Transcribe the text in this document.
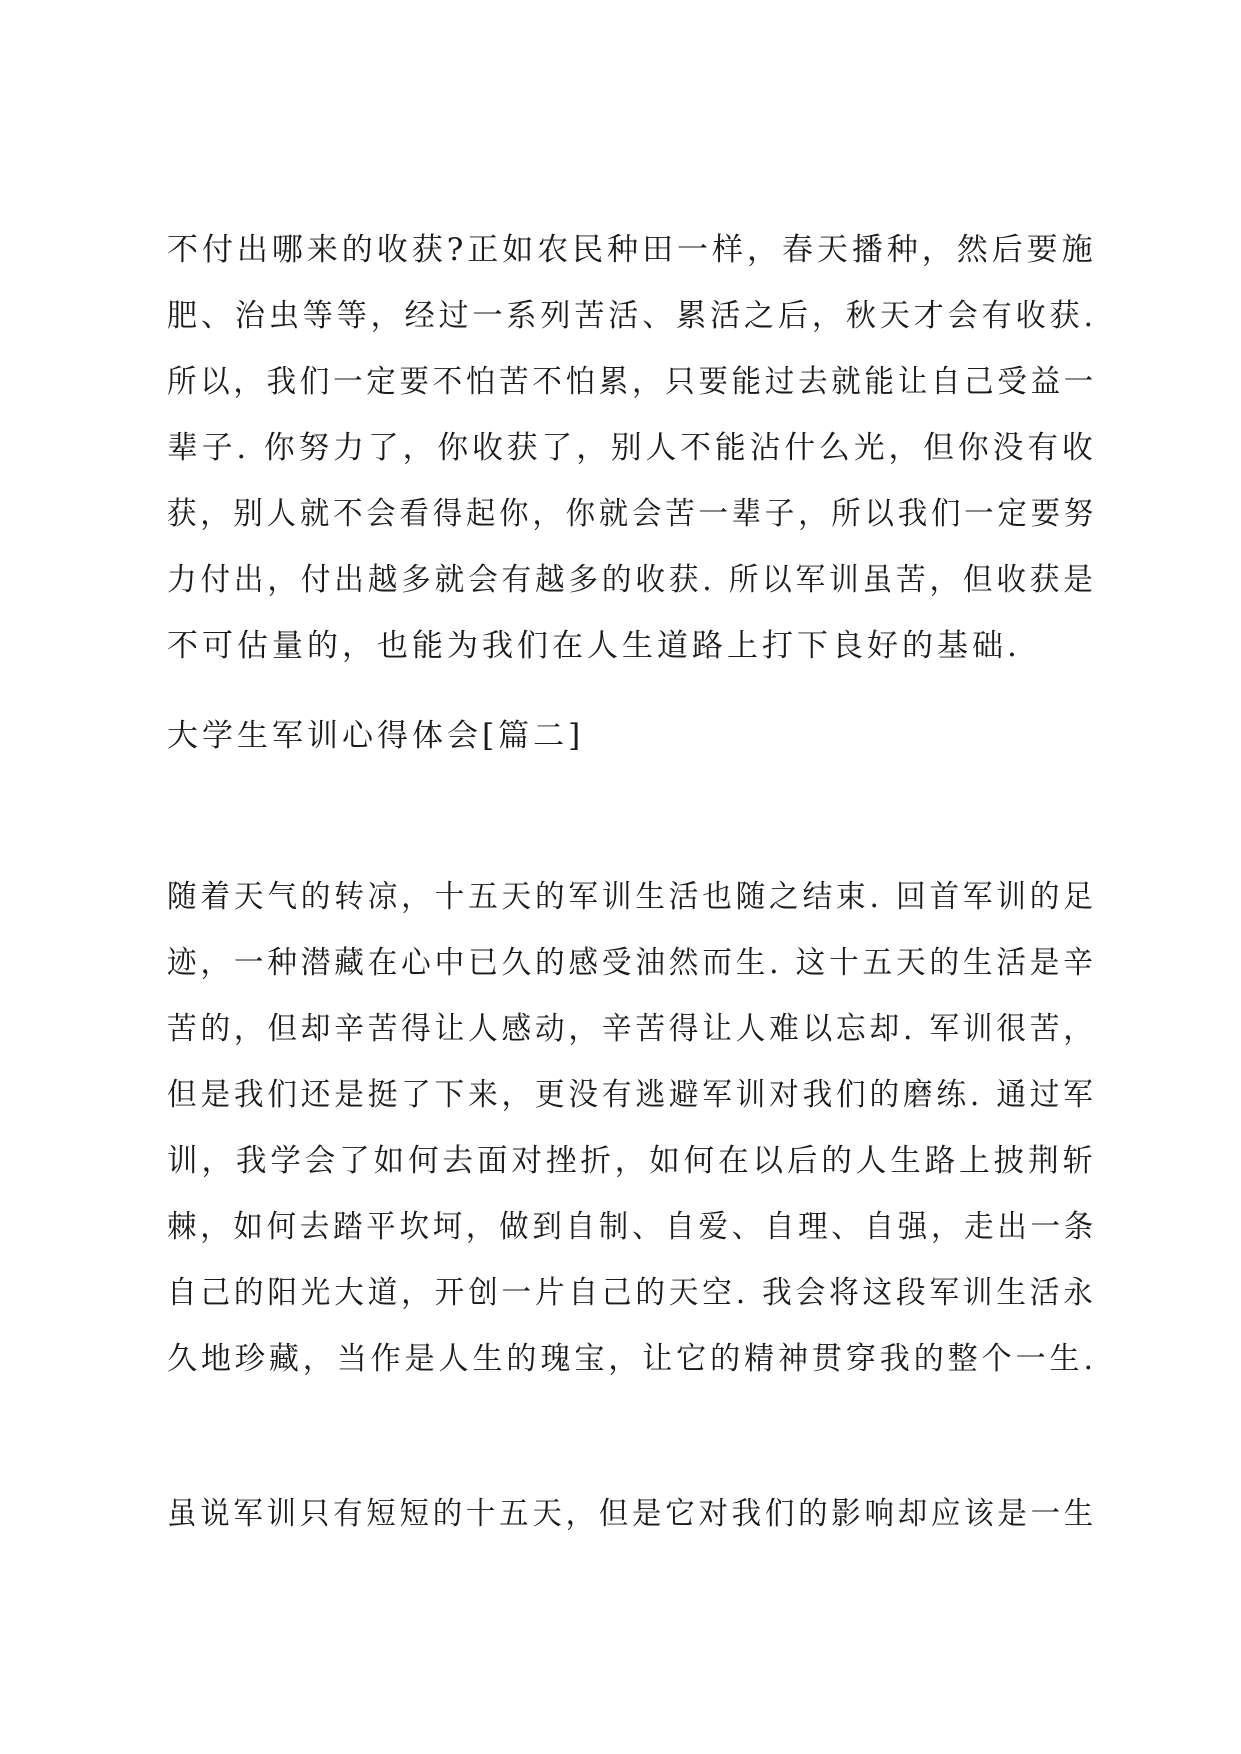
不付出哪来的收获?正如农民种田一样，春天播种，然后要施
肥、治虫等等，经过一系列苦活、累活之后，秋天才会有收获.
所以，我们一定要不怕苦不怕累，只要能过去就能让自己受益一
辈子. 你努力了，你收获了，别人不能沾什么光，但你没有收
获，别人就不会看得起你，你就会苦一辈子，所以我们一定要努
力付出，付出越多就会有越多的收获. 所以军训虽苦，但收获是
不可估量的，也能为我们在人生道路上打下良好的基础.
大学生军训心得体会[篇二]
随着天气的转凉，十五天的军训生活也随之结束. 回首军训的足
迹，一种潜藏在心中已久的感受油然而生. 这十五天的生活是辛
苦的，但却辛苦得让人感动，辛苦得让人难以忘却. 军训很苦，
但是我们还是挺了下来，更没有逃避军训对我们的磨练. 通过军
训，我学会了如何去面对挫折，如何在以后的人生路上披荆斩
棘，如何去踏平坎坷，做到自制、自爱、自理、自强，走出一条
自己的阳光大道，开创一片自己的天空. 我会将这段军训生活永
久地珍藏，当作是人生的瑰宝，让它的精神贯穿我的整个一生.
虽说军训只有短短的十五天，但是它对我们的影响却应该是一生
